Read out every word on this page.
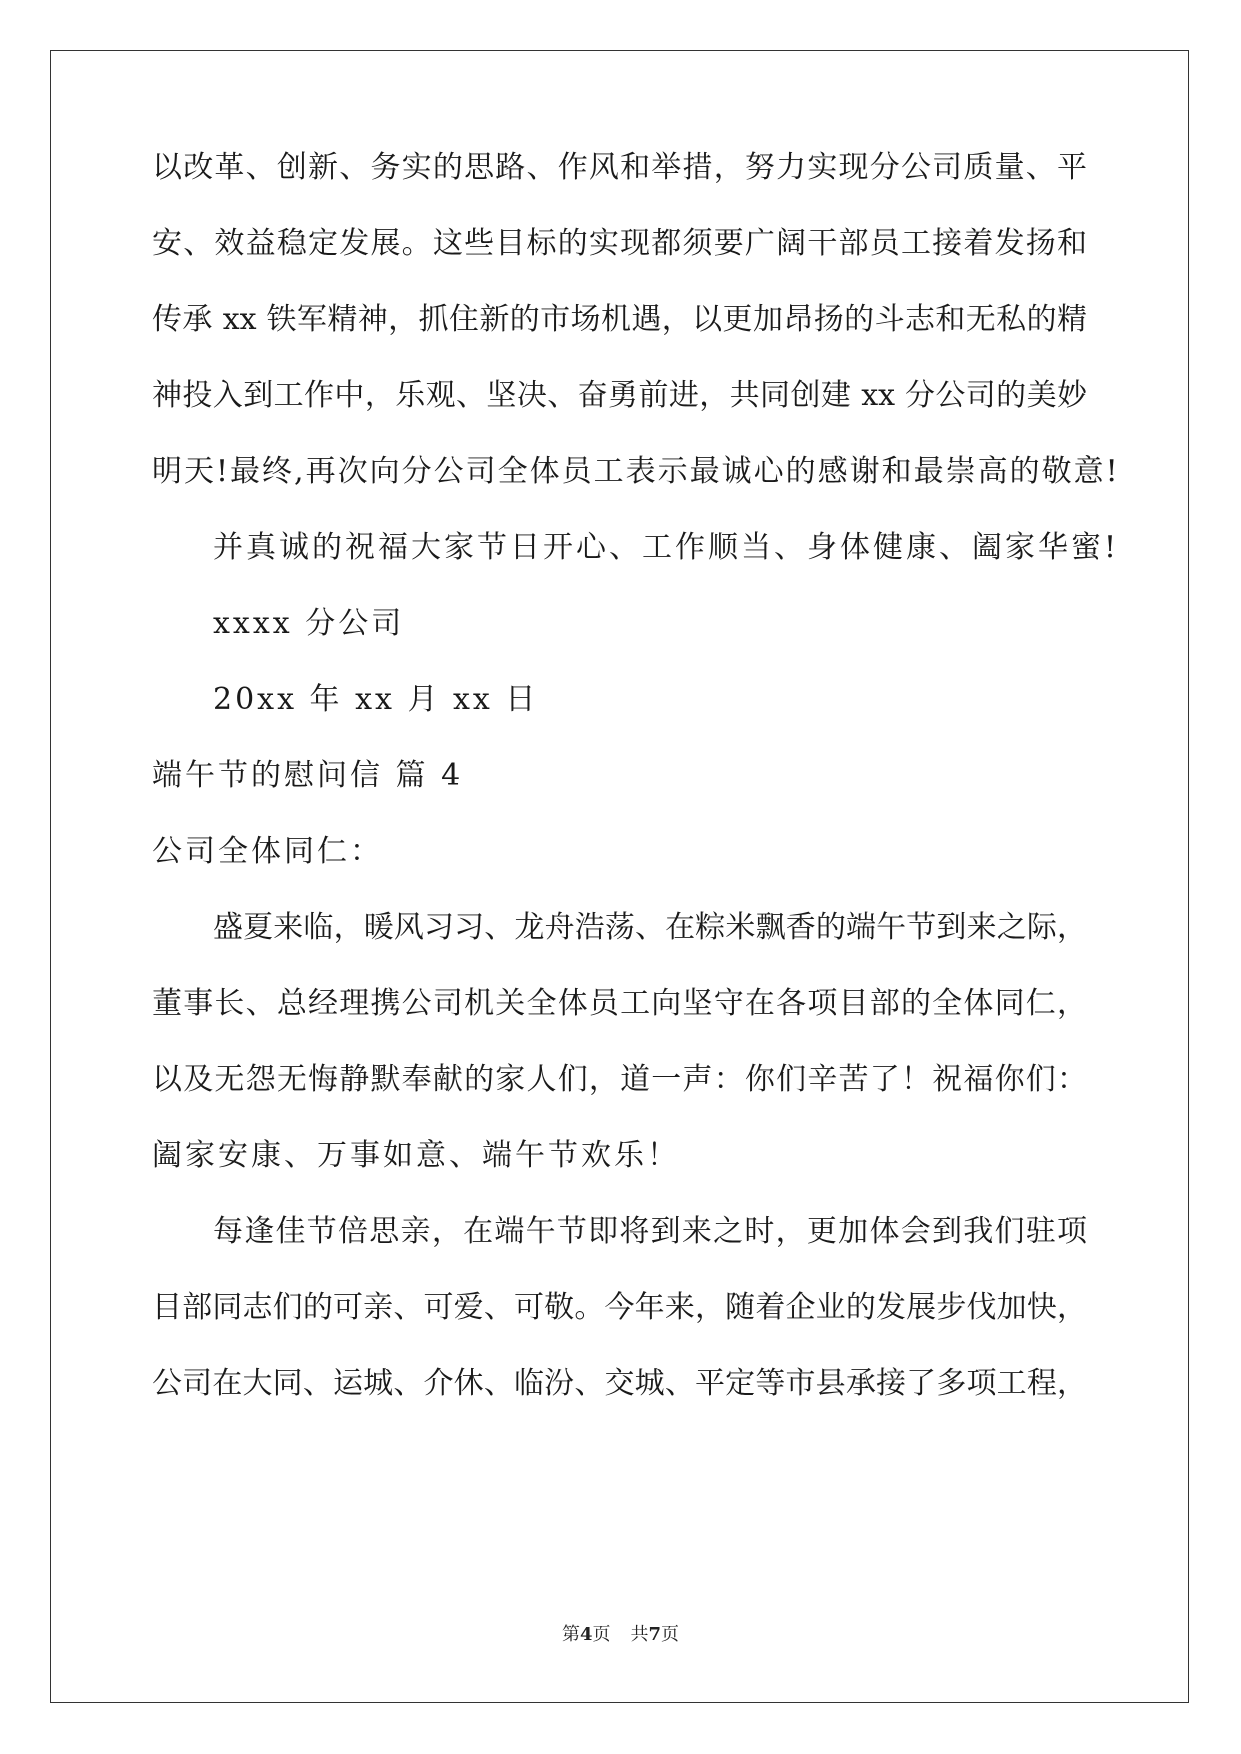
以改革、创新、务实的思路、作风和举措，努力实现分公司质量、平
安、效益稳定发展。这些目标的实现都须要广阔干部员工接着发扬和
传承 xx 铁军精神，抓住新的市场机遇，以更加昂扬的斗志和无私的精
神投入到工作中，乐观、坚决、奋勇前进，共同创建 xx 分公司的美妙
明天!最终,再次向分公司全体员工表示最诚心的感谢和最崇高的敬意!
并真诚的祝福大家节日开心、工作顺当、身体健康、阖家华蜜!
xxxx 分公司
20xx 年 xx 月 xx 日
端午节的慰问信 篇 4
公司全体同仁：
盛夏来临，暖风习习、龙舟浩荡、在粽米飘香的端午节到来之际，
董事长、总经理携公司机关全体员工向坚守在各项目部的全体同仁，
以及无怨无悔静默奉献的家人们，道一声：你们辛苦了！祝福你们：
阖家安康、万事如意、端午节欢乐！
每逢佳节倍思亲，在端午节即将到来之时，更加体会到我们驻项
目部同志们的可亲、可爱、可敬。今年来，随着企业的发展步伐加快，
公司在大同、运城、介休、临汾、交城、平定等市县承接了多项工程，
第4页 共7页
